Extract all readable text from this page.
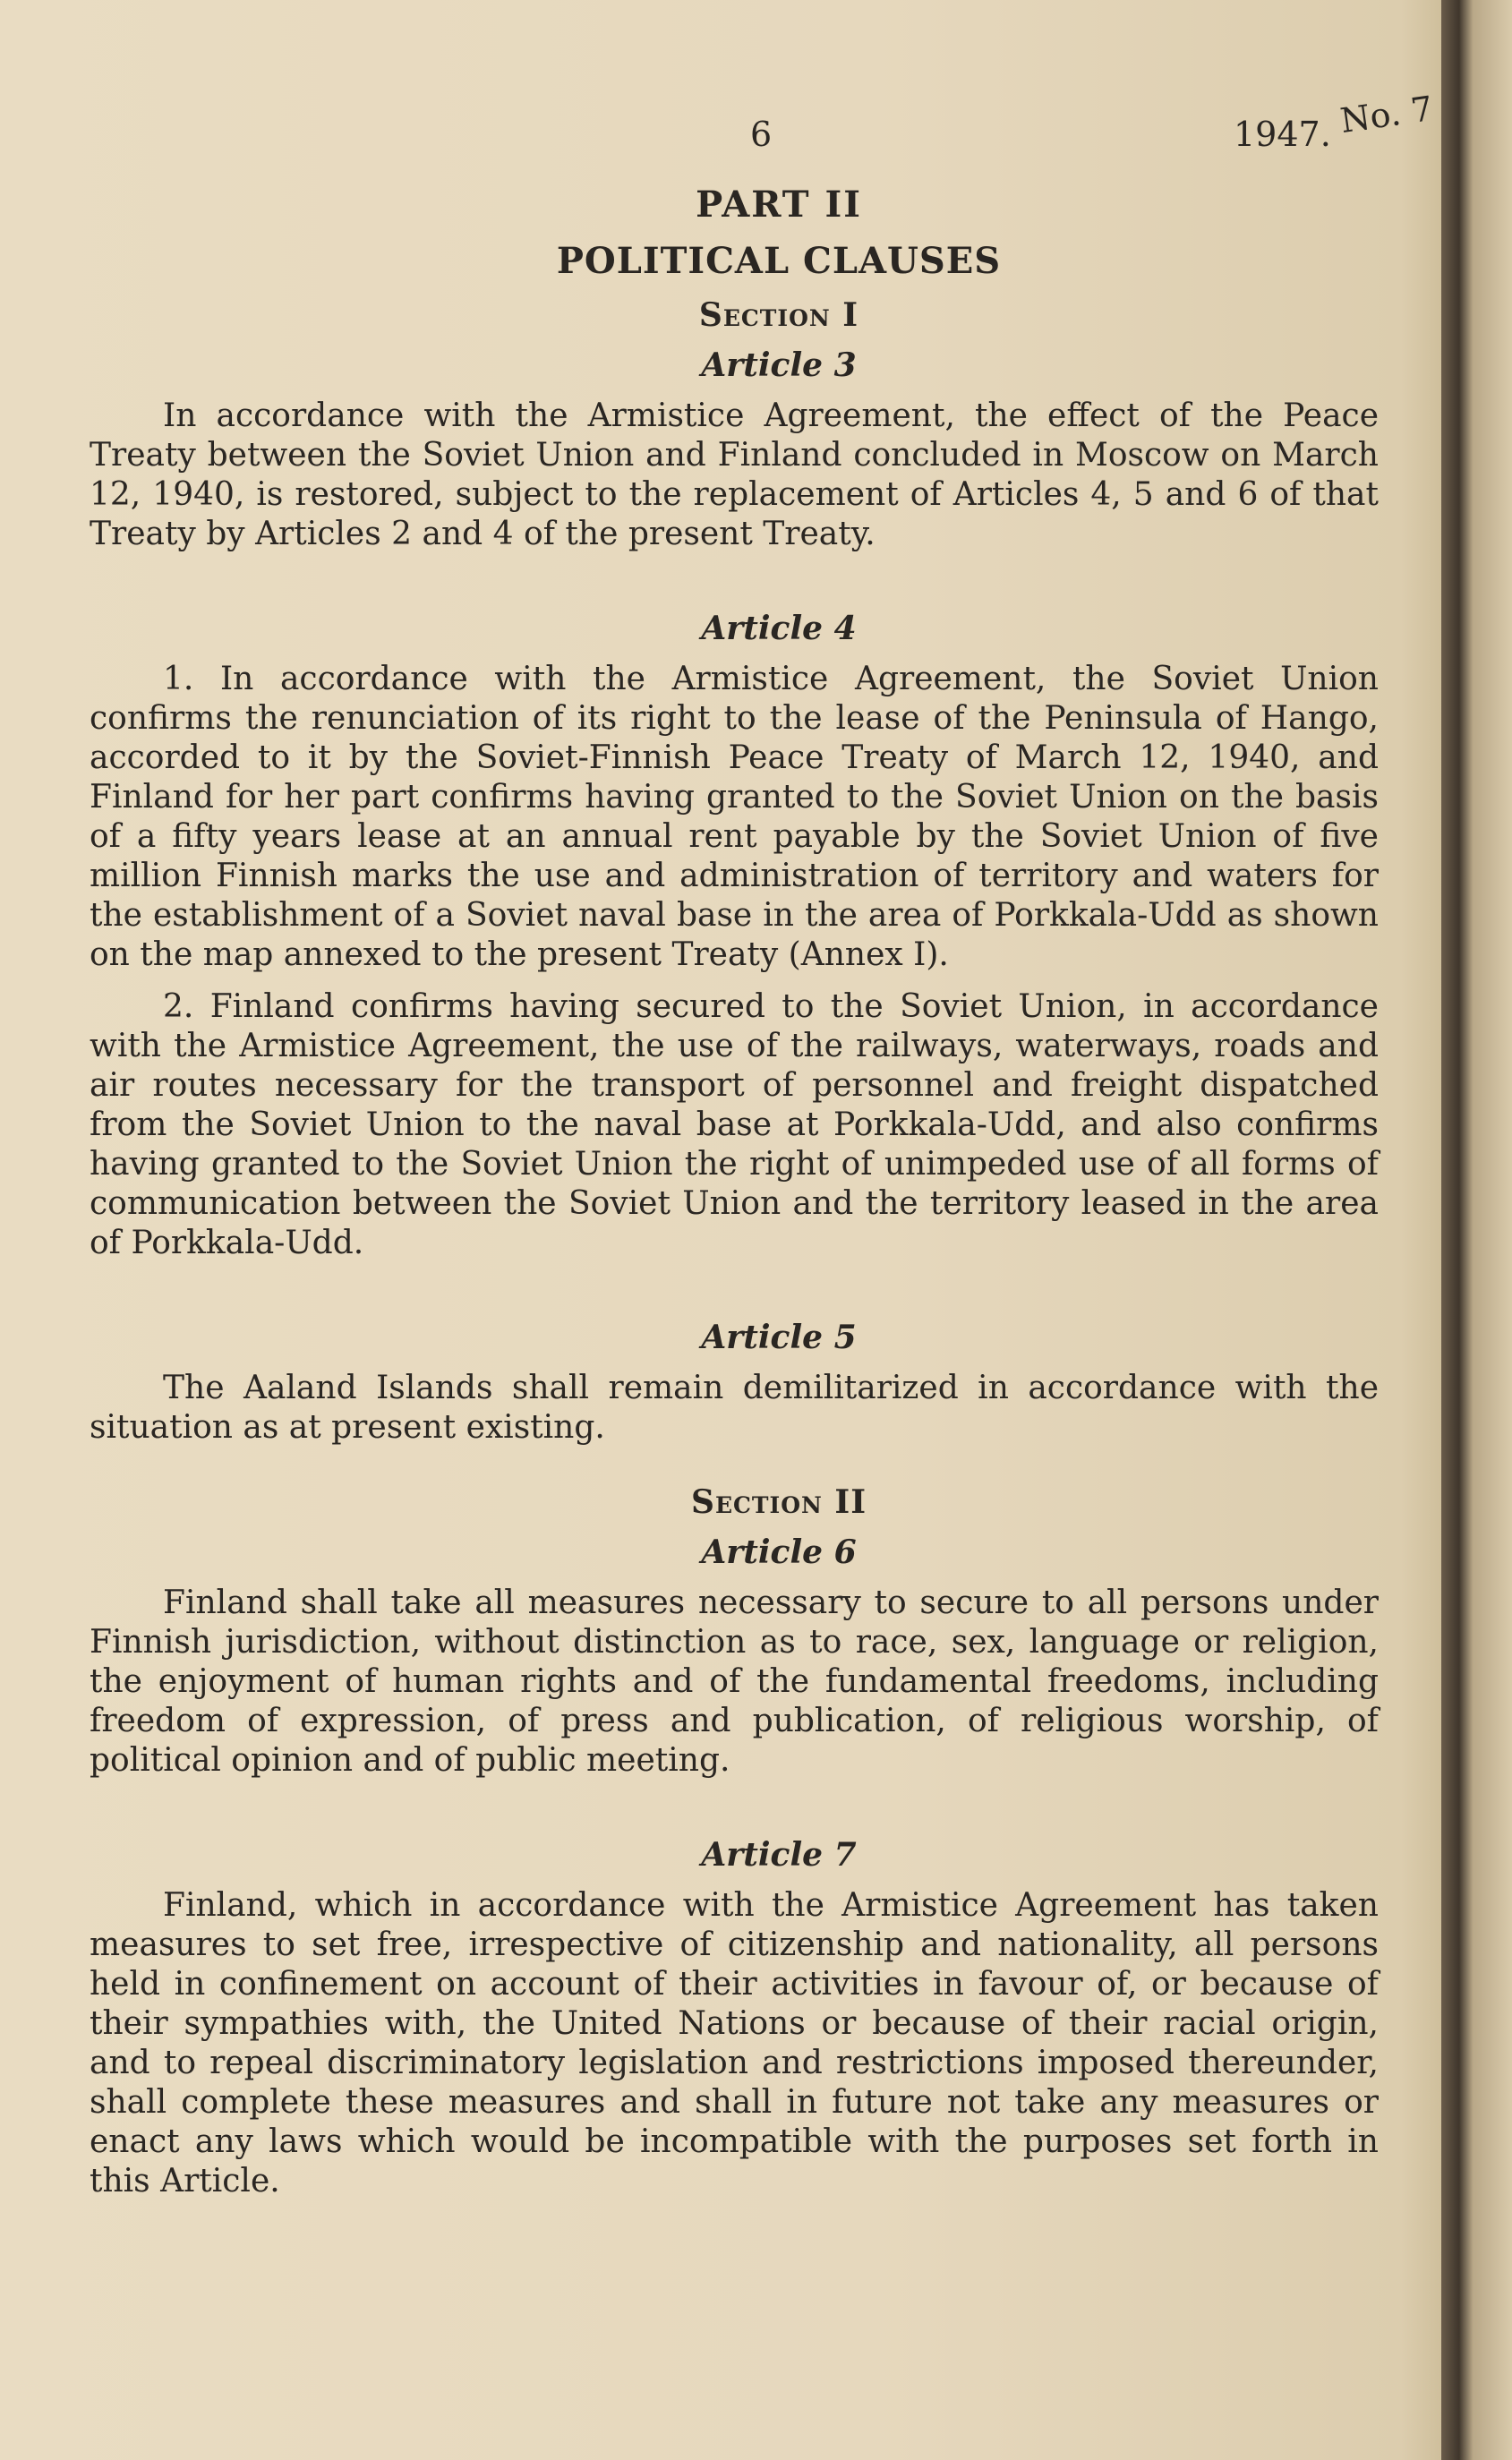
6	1947. No. 7
PART II
POLITICAL CLAUSES
Section I
Article 3

In accordance with the Armistice Agreement, the effect of the Peace Treaty between the Soviet Union and Finland concluded in Moscow on March 12, 1940, is restored, subject to the replacement of Articles 4, 5 and 6 of that Treaty by Articles 2 and 4 of the present Treaty.

Article 4

1. In accordance with the Armistice Agreement, the Soviet Union confirms the renunciation of its right to the lease of the Peninsula of Hango, accorded to it by the Soviet-Finnish Peace Treaty of March 12, 1940, and Finland for her part confirms having granted to the Soviet Union on the basis of a fifty years lease at an annual rent payable by the Soviet Union of five million Finnish marks the use and administration of territory and waters for the establishment of a Soviet naval base in the area of Porkkala-Udd as shown on the map annexed to the present Treaty (Annex I).

2. Finland confirms having secured to the Soviet Union, in accordance with the Armistice Agreement, the use of the railways, waterways, roads and air routes necessary for the transport of personnel and freight dispatched from the Soviet Union to the naval base at Porkkala-Udd, and also confirms having granted to the Soviet Union the right of unimpeded use of all forms of communication between the Soviet Union and the territory leased in the area of Porkkala-Udd.

Article 5

The Aaland Islands shall remain demilitarized in accordance with the situation as at present existing.

Section II
Article 6

Finland shall take all measures necessary to secure to all persons under Finnish jurisdiction, without distinction as to race, sex, language or religion, the enjoyment of human rights and of the fundamental freedoms, including freedom of expression, of press and publication, of religious worship, of political opinion and of public meeting.

Article 7

Finland, which in accordance with the Armistice Agreement has taken measures to set free, irrespective of citizenship and nationality, all persons held in confinement on account of their activities in favour of, or because of their sympathies with, the United Nations or because of their racial origin, and to repeal discriminatory legislation and restrictions imposed thereunder, shall complete these measures and shall in future not take any measures or enact any laws which would be incompatible with the purposes set forth in this Article.
